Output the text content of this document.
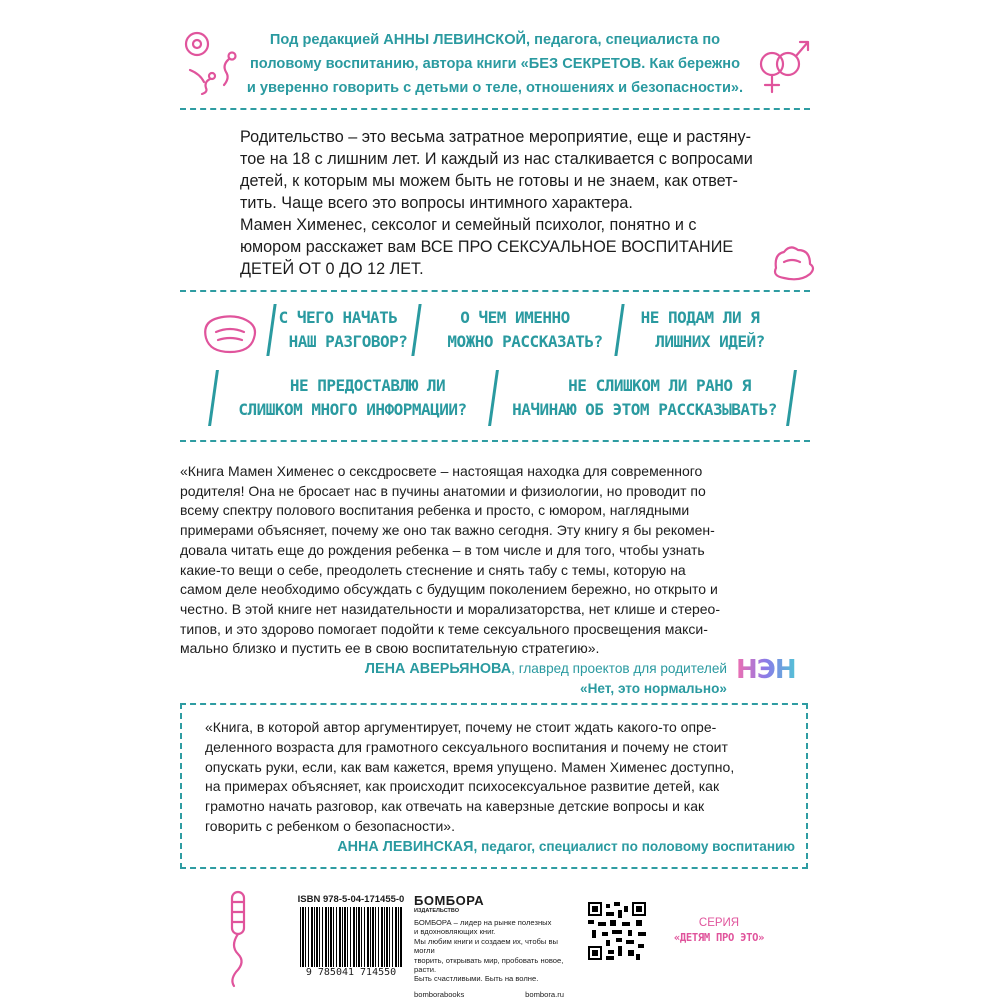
Под редакцией АННЫ ЛЕВИНСКОЙ, педагога, специалиста по
половому воспитанию, автора книги «БЕЗ СЕКРЕТОВ. Как бережно
и уверенно говорить с детьми о теле, отношениях и безопасности».

Родительство – это весьма затратное мероприятие, еще и растяну-

тое на 18 с лишним лет. И каждый из нас сталкивается с вопросами

детей, к которым мы можем быть не готовы и не знаем, как ответ-

тить. Чаще всего это вопросы интимного характера.

Мамен Хименес, сексолог и семейный психолог, понятно и с

юмором расскажет вам ВСЕ ПРО СЕКСУАЛЬНОЕ ВОСПИТАНИЕ

ДЕТЕЙ ОТ 0 ДО 12 ЛЕТ.

С ЧЕГО НАЧАТЬ
НАШ РАЗГОВОР?
О ЧЕМ ИМЕННО
МОЖНО РАССКАЗАТЬ?
НЕ ПОДАМ ЛИ Я
ЛИШНИХ ИДЕЙ?
НЕ ПРЕДОСТАВЛЮ ЛИ
СЛИШКОМ МНОГО ИНФОРМАЦИИ?
НЕ СЛИШКОМ ЛИ РАНО Я
НАЧИНАЮ ОБ ЭТОМ РАССКАЗЫВАТЬ?

«Книга Мамен Хименес о сексдросвете – настоящая находка для современного

родителя! Она не бросает нас в пучины анатомии и физиологии, но проводит по

всему спектру полового воспитания ребенка и просто, с юмором, наглядными

примерами объясняет, почему же оно так важно сегодня. Эту книгу я бы рекомен-

довала читать еще до рождения ребенка – в том числе и для того, чтобы узнать

какие-то вещи о себе, преодолеть стеснение и снять табу с темы, которую на

самом деле необходимо обсуждать с будущим поколением бережно, но открыто и

честно. В этой книге нет назидательности и морализаторства, нет клише и стерео-

типов, и это здорово помогает подойти к теме сексуального просвещения макси-

мально близко и пустить ее в свою воспитательную стратегию».

ЛЕНА АВЕРЬЯНОВА, главред проектов для родителей
«Нет, это нормально»
НЭН

«Книга, в которой автор аргументирует, почему не стоит ждать какого-то опре-

деленного возраста для грамотного сексуального воспитания и почему не стоит

опускать руки, если, как вам кажется, время упущено. Мамен Хименес доступно,

на примерах объясняет, как происходит психосексуальное развитие детей, как

грамотно начать разговор, как отвечать на каверзные детские вопросы и как

говорить с ребенком о безопасности».

АННА ЛЕВИНСКАЯ, педагог, специалист по половому воспитанию
ISBN 978-5-04-171455-0
9 785041 714550
БОМБОРА
ИЗДАТЕЛЬСТВО
БОМБОРА – лидер на рынке полезных
и вдохновляющих книг.
Мы любим книги и создаем их, чтобы вы могли
творить, открывать мир, пробовать новое, расти.
Быть счастливыми. Быть на волне.
bomborabooks	bombora.ru
СЕРИЯ
«ДЕТЯМ ПРО ЭТО»
